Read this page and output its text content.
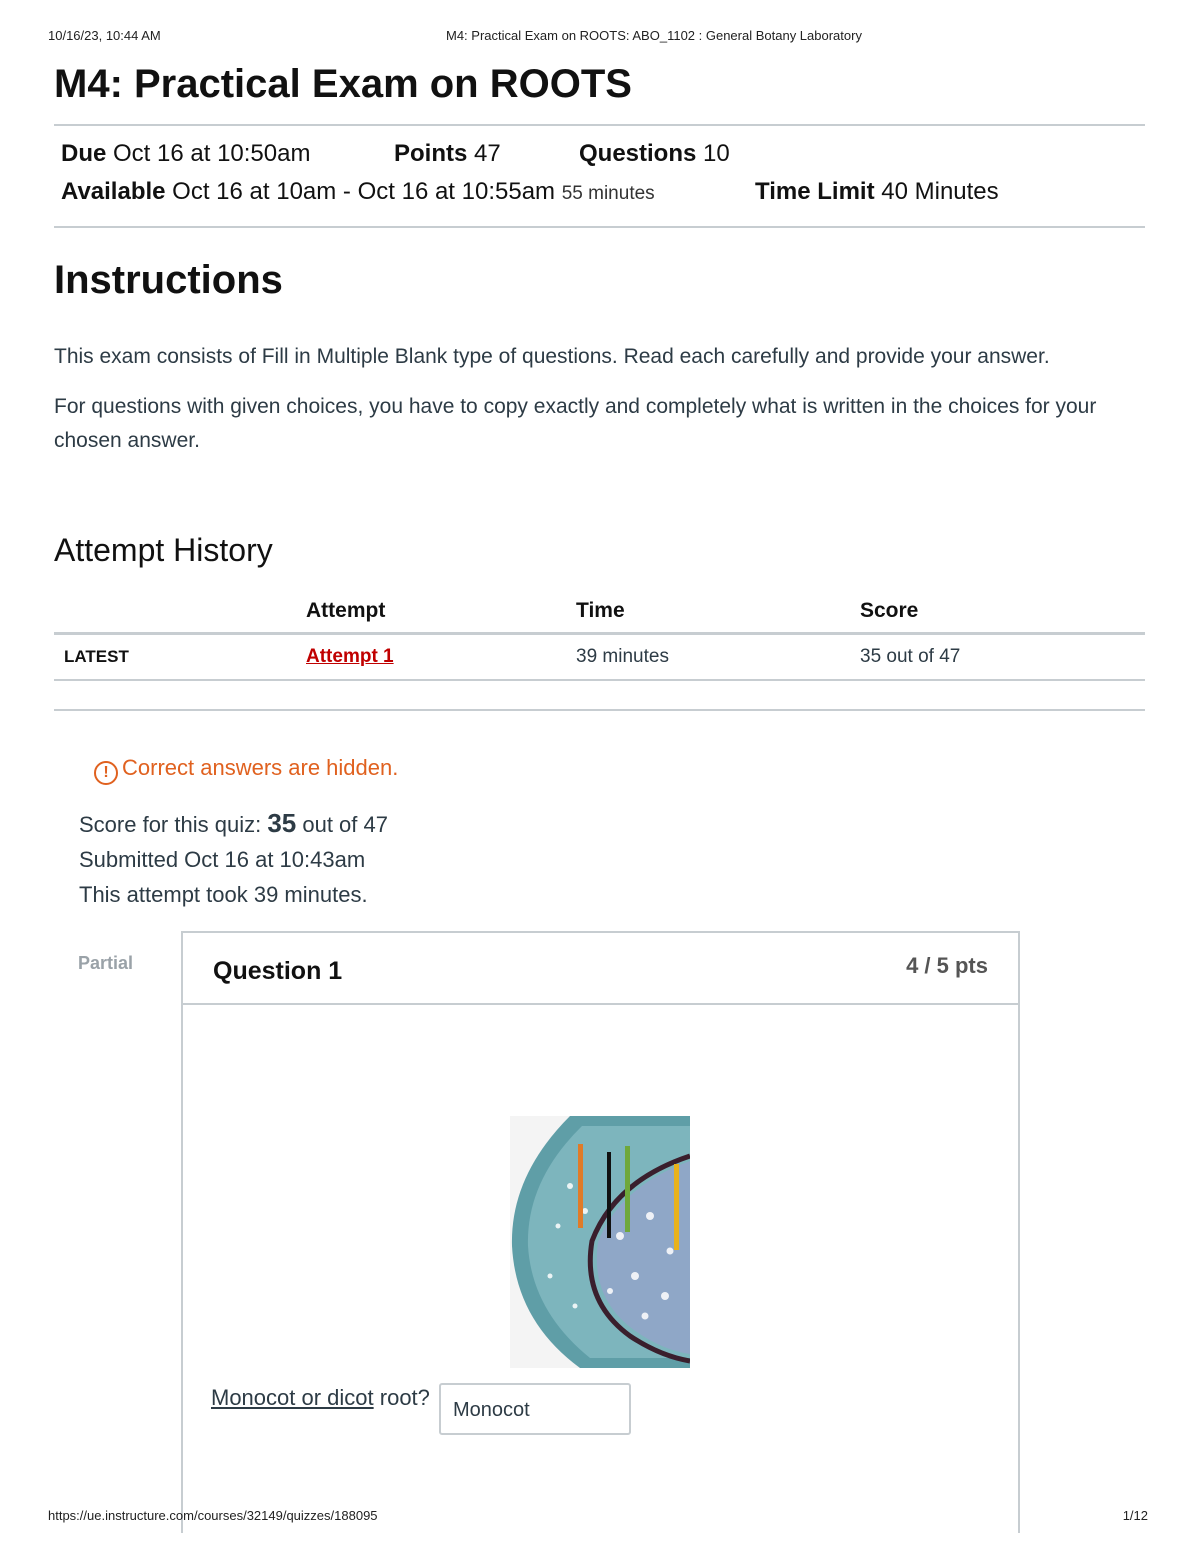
10/16/23, 10:44 AM	M4: Practical Exam on ROOTS: ABO_1102 : General Botany Laboratory
M4: Practical Exam on ROOTS
Due Oct 16 at 10:50am	Points 47	Questions 10
Available Oct 16 at 10am - Oct 16 at 10:55am 55 minutes	Time Limit 40 Minutes
Instructions

This exam consists of Fill in Multiple Blank type of questions. Read each carefully and provide your answer.

For questions with given choices, you have to copy exactly and completely what is written in the choices for your chosen answer.

Attempt History
	Attempt	Time	Score
LATEST	Attempt 1	39 minutes	35 out of 47
! Correct answers are hidden.
Score for this quiz: 35 out of 47
Submitted Oct 16 at 10:43am
This attempt took 39 minutes.
Partial	Question 1	4 / 5 pts
Monocot or dicot root?	Monocot
https://ue.instructure.com/courses/32149/quizzes/188095	1/12
